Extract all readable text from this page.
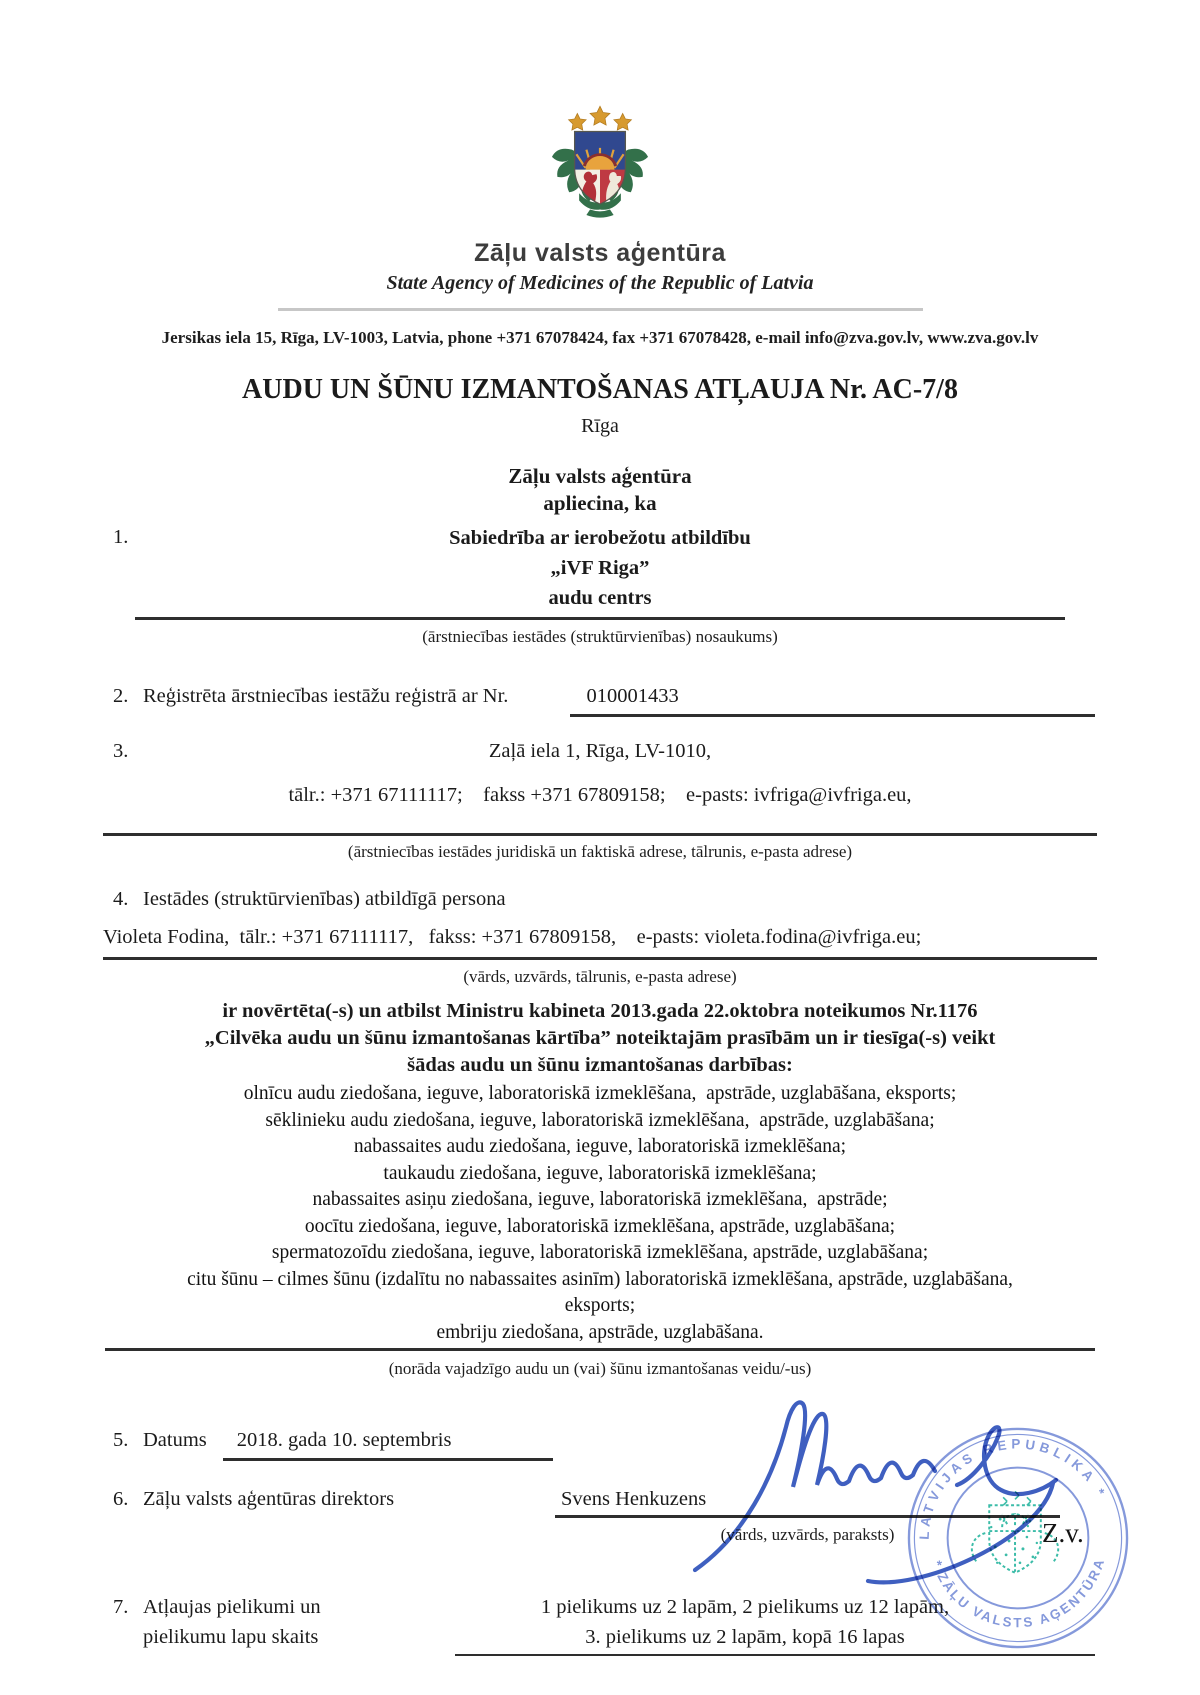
Zāļu valsts aģentūra
State Agency of Medicines of the Republic of Latvia
Jersikas iela 15, Rīga, LV-1003, Latvia, phone +371 67078424, fax +371 67078428, e-mail info@zva.gov.lv, www.zva.gov.lv
AUDU UN ŠŪNU IZMANTOŠANAS ATĻAUJA Nr. AC-7/8
Rīga
Zāļu valsts aģentūra
apliecina, ka
1.	Sabiedrība ar ierobežotu atbildību
„iVF Riga”
audu centrs
(ārstniecības iestādes (struktūrvienības) nosaukums)
2. Reģistrēta ārstniecības iestāžu reģistrā ar Nr.	010001433
3.	Zaļā iela 1, Rīga, LV-1010,
tālr.: +371 67111117;    fakss +371 67809158;    e-pasts: ivfriga@ivfriga.eu,
(ārstniecības iestādes juridiskā un faktiskā adrese, tālrunis, e-pasta adrese)
4. Iestādes (struktūrvienības) atbildīgā persona
Violeta Fodina,  tālr.: +371 67111117,   fakss: +371 67809158,    e-pasts: violeta.fodina@ivfriga.eu;
(vārds, uzvārds, tālrunis, e-pasta adrese)
ir novērtēta(-s) un atbilst Ministru kabineta 2013.gada 22.oktobra noteikumos Nr.1176
„Cilvēka audu un šūnu izmantošanas kārtība” noteiktajām prasībām un ir tiesīga(-s) veikt
šādas audu un šūnu izmantošanas darbības:
olnīcu audu ziedošana, ieguve, laboratoriskā izmeklēšana,  apstrāde, uzglabāšana, eksports;
sēklinieku audu ziedošana, ieguve, laboratoriskā izmeklēšana,  apstrāde, uzglabāšana;
nabassaites audu ziedošana, ieguve, laboratoriskā izmeklēšana;
taukaudu ziedošana, ieguve, laboratoriskā izmeklēšana;
nabassaites asiņu ziedošana, ieguve, laboratoriskā izmeklēšana,  apstrāde;
oocītu ziedošana, ieguve, laboratoriskā izmeklēšana, apstrāde, uzglabāšana;
spermatozoīdu ziedošana, ieguve, laboratoriskā izmeklēšana, apstrāde, uzglabāšana;
citu šūnu – cilmes šūnu (izdalītu no nabassaites asinīm) laboratoriskā izmeklēšana, apstrāde, uzglabāšana,
eksports;
embriju ziedošana, apstrāde, uzglabāšana.
(norāda vajadzīgo audu un (vai) šūnu izmantošanas veidu/-us)
5. Datums	2018. gada 10. septembris
6. Zāļu valsts aģentūras direktors	Svens Henkuzens
(vārds, uzvārds, paraksts)
7. Atļaujas pielikumi un
pielikumu lapu skaits
1 pielikums uz 2 lapām, 2 pielikums uz 12 lapām,
3. pielikums uz 2 lapām, kopā 16 lapas
LATVIJAS REPUBLIKA *
* ZĀĻU VALSTS AĢENTŪRA
Z.v.
